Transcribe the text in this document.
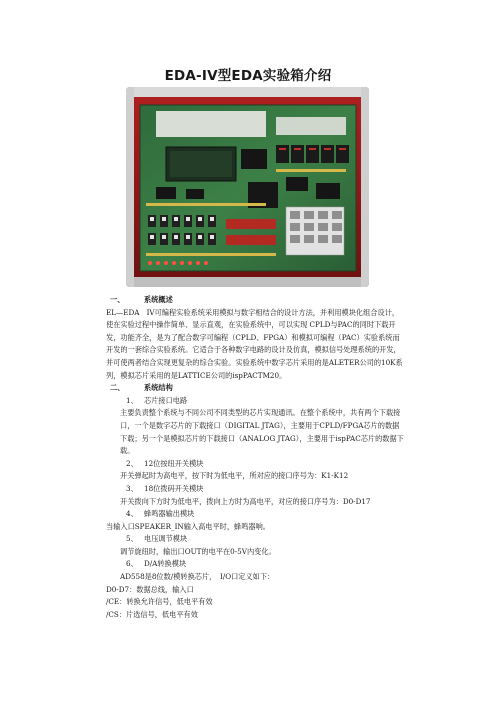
EDA-IV型EDA实验箱介绍
一、	系统概述
EL—EDA　IV可编程实验系统采用模拟与数字相结合的设计方法，并利用模块化组合设计，使在实验过程中操作简单、显示直观，在实验系统中，可以实现 CPLD与PAC的同时下载开发，功能齐全，是为了配合数字可编程（CPLD、FPGA）和模拟可编程（PAC）实验系统而开发的一套综合实验系统。它适合于各种数字电路的设计及仿真，模拟信号处理系统的开发，并可使两者结合实现更复杂的综合实验。实验系统中数字芯片采用的是ALETER公司的10K系列，模拟芯片采用的是LATTICE公司的ispPACTM20。
二、	系统结构
1、 芯片接口电路
主要负责整个系统与不同公司不同类型的芯片实现通讯。在整个系统中，共有两个下载接口，一个是数字芯片的下载接口（DIGITAL JTAG），主要用于CPLD/FPGA芯片的数据下载；另一个是模拟芯片的下载接口（ANALOG JTAG），主要用于ispPAC芯片的数据下载。
2、 12位按纽开关模块
开关弹起时为高电平，按下时为低电平，所对应的接口序号为：K1-K12
3、 18位拨码开关模块
开关拨向下方时为低电平，拨向上方时为高电平，对应的接口序号为：D0-D17
4、 蜂鸣器输出模块
当输入口SPEAKER_IN输入高电平时，蜂鸣器响。
5、 电压调节模块
调节旋纽时，输出口OUT的电平在0-5V内变化。
6、 D/A转换模块
AD558是8位数/模转换芯片，　I/O口定义如下：
D0-D7：数据总线，输入口
/CE：转换允许信号，低电平有效
/CS：片选信号，低电平有效
